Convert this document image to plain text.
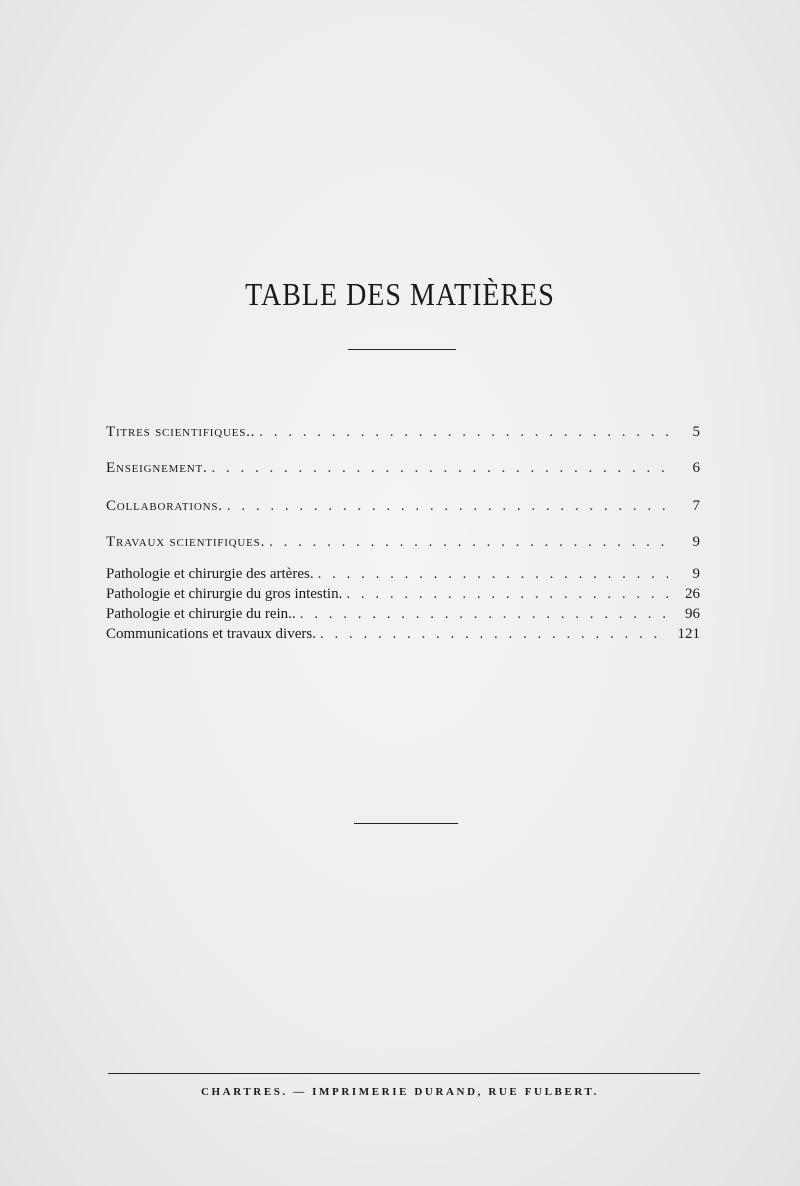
TABLE DES MATIÈRES
Titres scientifiques.. . . .	5
Enseignement. . . .	6
Collaborations. . . .	7
Travaux scientifiques. . . .	9
Pathologie et chirurgie des artères. . . .	9
Pathologie et chirurgie du gros intestin. . . .	26
Pathologie et chirurgie du rein.. . . .	96
Communications et travaux divers. . . .	121
CHARTRES. — IMPRIMERIE DURAND, RUE FULBERT.
